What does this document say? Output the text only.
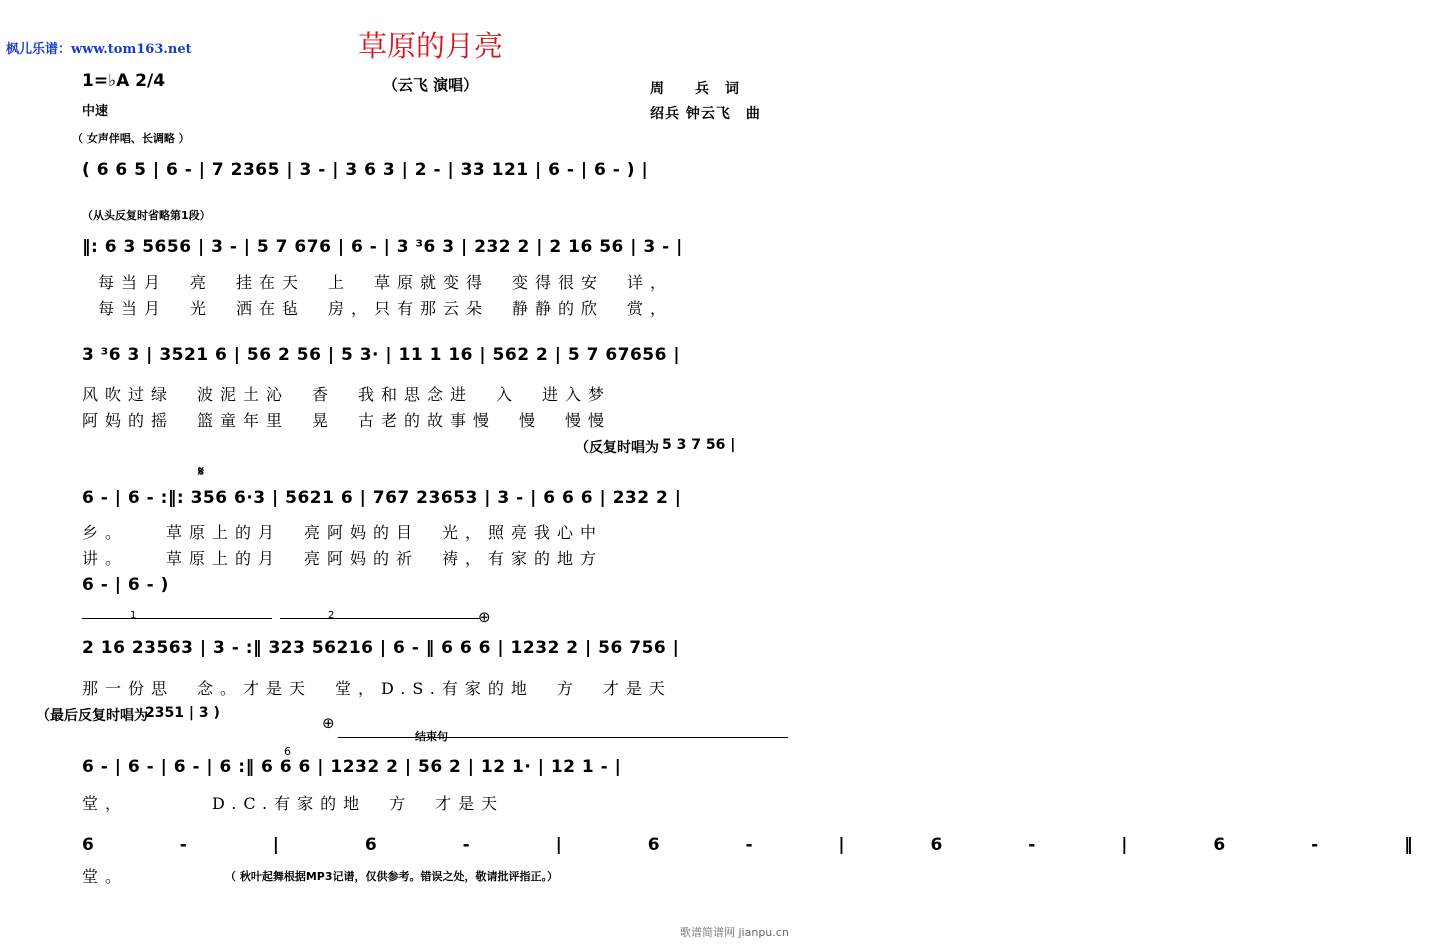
枫儿乐谱：www.tom163.net	草原的月亮
（云飞 演唱）
1=♭A 2/4
中速
周　　兵　词
绍兵 钟云飞　曲
（ 女声伴唱、长调略 ）
( 6 6 5 | 6 - | 7 2365 | 3 - | 3 6 3 | 2 - | 33 121 | 6 - | 6 - ) |
（从头反复时省略第1段）
‖: 6 3 5656 | 3 - | 5 7 676 | 6 - | 3 ³6 3 | 232 2 | 2 16 56 | 3 - |
每当月　亮　挂在天　上　草原就变得　变得很安　详，
每当月　光　洒在毡　房，只有那云朵　静静的欣　赏，
3 ³6 3 | 3521 6 | 56 2 56 | 5 3· | 11 1 16 | 562 2 | 5 7 67656 |
风吹过绿　波泥土沁　香　我和思念进　入　进入梦
阿妈的摇　篮童年里　晃　古老的故事慢　慢　慢慢
（反复时唱为 5 3 7 56 |
𝄋
6 - | 6 - :‖: 356 6·3 | 5621 6 | 767 23653 | 3 - | 6 6 6 | 232 2 |
乡。　　草原上的月　亮阿妈的目　光，照亮我心中
讲。　　草原上的月　亮阿妈的祈　祷，有家的地方
6 - | 6 - )
1	2	⊕
2 16 23563 | 3 - :‖ 323 56216 | 6 - ‖ 6 6 6 | 1232 2 | 56 756 |
那一份思　念。才是天　堂，D.S.有家的地　方　才是天
（最后反复时唱为
2351 | 3 )
⊕
结束句
6
6 - | 6 - | 6 - | 6 :‖ 6 6 6 | 1232 2 | 56 2 | 12 1· | 12 1 - |
堂，　　　　D.C.有家的地　方　才是天
6 - | 6 - | 6 - | 6 - | 6 - ‖
堂。	（ 秋叶起舞根据MP3记谱，仅供参考。错误之处，敬请批评指正。）
歌谱简谱网 jianpu.cn
